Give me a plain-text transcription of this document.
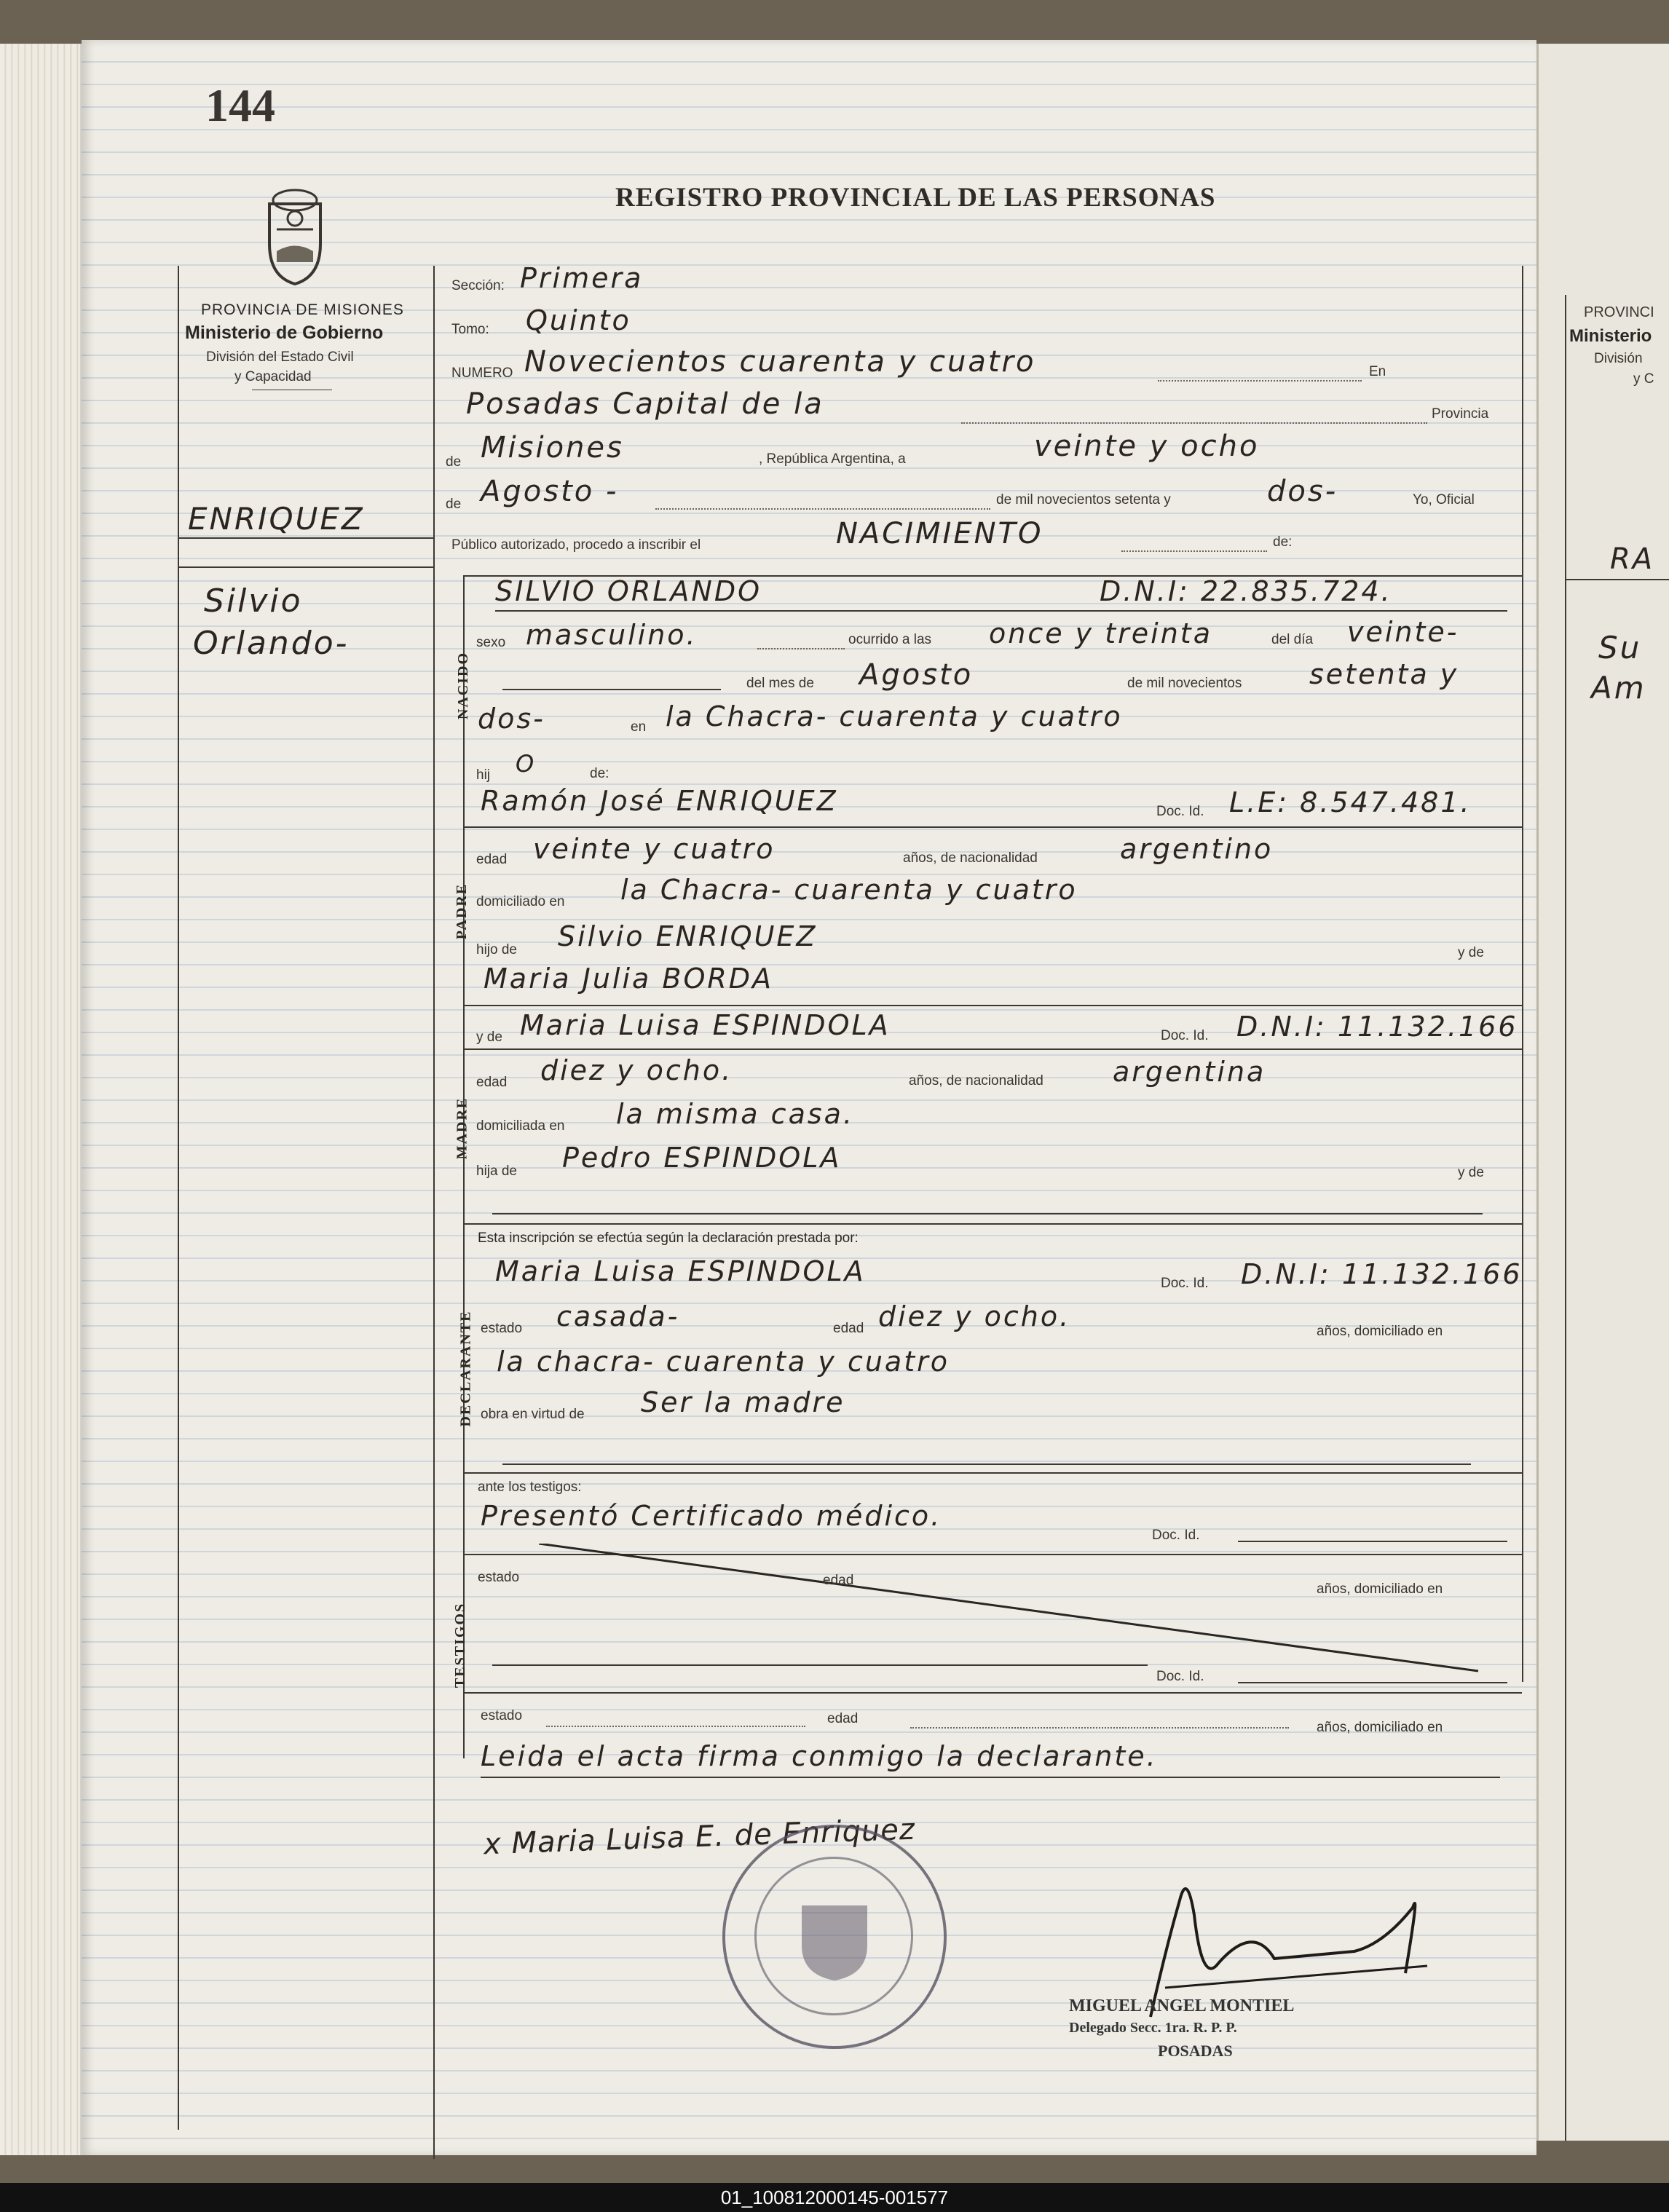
PROVINCI
Ministerio
División
y C
RA
Su
Am
144
REGISTRO PROVINCIAL DE LAS PERSONAS
PROVINCIA DE MISIONES
Ministerio de Gobierno
División del Estado Civil
y Capacidad
ENRIQUEZ
Silvio
Orlando-
Sección: Primera
Tomo: Quinto
NUMERO Novecientos cuarenta y cuatro	En
Posadas Capital de la	Provincia
de Misiones	, República Argentina, a	veinte y ocho
de Agosto -	de mil novecientos setenta y	dos-	Yo, Oficial
Público autorizado, procedo a inscribir el	NACIMIENTO	de:
NACIDO
SILVIO ORLANDO	D.N.I: 22.835.724.
sexo masculino.	ocurrido a las once y treinta	del día veinte-
del mes de Agosto	de mil novecientos setenta y
dos-	en la Chacra- cuarenta y cuatro
hij O	de:
Ramón José ENRIQUEZ	Doc. Id. L.E: 8.547.481.
PADRE
edad veinte y cuatro	años, de nacionalidad	argentino
domiciliado en la Chacra- cuarenta y cuatro
hijo de Silvio ENRIQUEZ
y de
Maria Julia BORDA
y de Maria Luisa ESPINDOLA	Doc. Id. D.N.I: 11.132.166
MADRE
edad diez y ocho.	años, de nacionalidad	argentina
domiciliada en la misma casa.
hija de Pedro ESPINDOLA	y de
Esta inscripción se efectúa según la declaración prestada por:
Maria Luisa ESPINDOLA	Doc. Id. D.N.I: 11.132.166
DECLARANTE estado casada-	edad diez y ocho.	años, domiciliado en
la chacra- cuarenta y cuatro
obra en virtud de Ser la madre
ante los testigos:
Presentó Certificado médico.
Doc. Id.
TESTIGOS
estado	edad
años, domiciliado en
Doc. Id.
estado	edad
años, domiciliado en
Leida el acta firma conmigo la declarante.
x Maria Luisa E. de Enriquez
MIGUEL ANGEL MONTIEL
Delegado Secc. 1ra. R. P. P.
POSADAS
01_100812000145-001577
